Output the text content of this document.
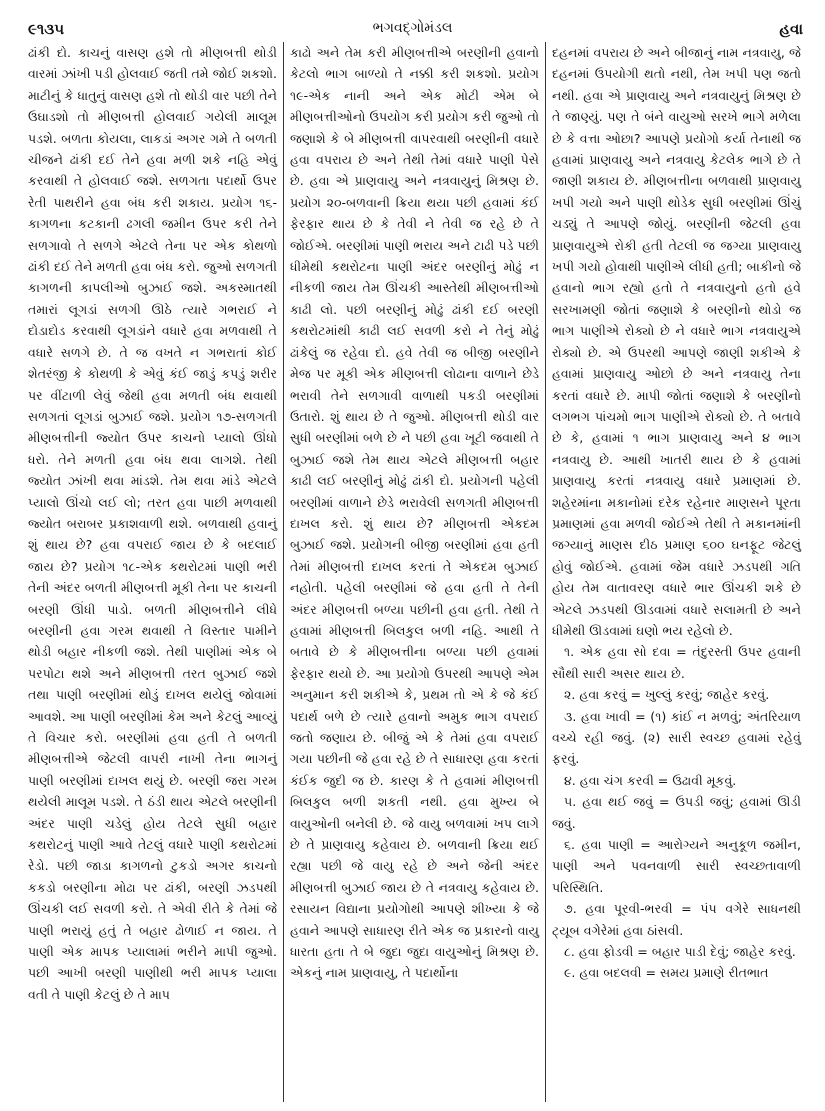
૯૧૩૫	ભગવદ્ગોમંડલ	હવા

ઢાંકી દો. કાચનું વાસણ હશે તો મીણબત્તી થોડી વારમાં ઝાંખી પડી હોલવાઈ જતી તમે જોઈ શકશો. માટીનું કે ધાતુનું વાસણ હશે તો થોડી વાર પછી તેને ઉઘાડશો તો મીણબત્તી હોલવાઈ ગયેલી માલૂમ પડશે. બળતા કોયલા, લાકડાં અગર ગમે તે બળતી ચીજને ઢાંકી દઈ તેને હવા મળી શકે નહિ એવું કરવાથી તે હોલવાઈ જશે. સળગતા પદાર્થો ઉપર રેતી પાથરીને હવા બંધ કરી શકાય. પ્રયોગ ૧૬-કાગળના કટકાની ઢગલી જમીન ઉપર કરી તેને સળગાવો તે સળગે એટલે તેના પર એક કોથળો ઢાંકી દઈ તેને મળતી હવા બંધ કરો. જુઓ સળગતી કાગળની કાપલીઓ બુઝાઈ જશે. અકસ્માતથી તમારાં લૂગડાં સળગી ઊઠે ત્યારે ગભરાઈ ને દોડાદોડ કરવાથી લૂગડાંને વધારે હવા મળવાથી તે વધારે સળગે છે. તે જ વખતે ન ગભરાતાં કોઈ શેતરંજી કે કોથળી કે એવું કંઈ જાડું કપડું શરીર પર વીંટાળી લેવું જેથી હવા મળતી બંધ થવાથી સળગતાં લૂગડાં બુઝાઈ જશે. પ્રયોગ ૧૭-સળગતી મીણબત્તીની જ્યોત ઉપર કાચનો પ્યાલો ઊંધો ધરો. તેને મળતી હવા બંધ થવા લાગશે. તેથી જ્યોત ઝાંખી થવા માંડશે. તેમ થવા માંડે એટલે પ્યાલો ઊંચો લઈ લો; તરત હવા પાછી મળવાથી જ્યોત બરાબર પ્રકાશવાળી થશે. બળવાથી હવાનું શું થાય છે? હવા વપરાઈ જાય છે કે બદલાઈ જાય છે? પ્રયોગ ૧૮-એક કથરોટમાં પાણી ભરી તેની અંદર બળતી મીણબત્તી મૂકી તેના પર કાચની બરણી ઊંધી પાડો. બળતી મીણબત્તીને લીધે બરણીની હવા ગરમ થવાથી તે વિસ્તાર પામીને થોડી બહાર નીકળી જશે. તેથી પાણીમાં એક બે પરપોટા થશે અને મીણબત્તી તરત બુઝાઈ જશે તથા પાણી બરણીમાં થોડું દાખલ થયેલું જોવામાં આવશે. આ પાણી બરણીમાં કેમ અને કેટલું આવ્યું તે વિચાર કરો. બરણીમાં હવા હતી તે બળતી મીણબત્તીએ જેટલી વાપરી નાખી તેના ભાગનું પાણી બરણીમાં દાખલ થયું છે. બરણી જરા ગરમ થયેલી માલૂમ પડશે. તે ઠંડી થાય એટલે બરણીની અંદર પાણી ચડેલું હોય તેટલે સુધી બહાર કથરોટનું પાણી આવે તેટલું વધારે પાણી કથરોટમાં રેડો. પછી જાડા કાગળનો ટુકડો અગર કાચનો કકડો બરણીના મોઢા પર ઢાંકી, બરણી ઝડપથી ઊંચકી લઈ સવળી કરો. તે એવી રીતે કે તેમાં જે પાણી ભરાયું હતું તે બહાર ઢોળાઈ ન જાય. તે પાણી એક માપક પ્યાલામાં ભરીને માપી જુઓ. પછી આખી બરણી પાણીથી ભરી માપક પ્યાલા વતી તે પાણી કેટલું છે તે માપ

કાઢો અને તેમ કરી મીણબત્તીએ બરણીની હવાનો કેટલો ભાગ બાળ્યો તે નક્કી કરી શકશો. પ્રયોગ ૧૯-એક નાની અને એક મોટી એમ બે મીણબત્તીઓનો ઉપયોગ કરી પ્રયોગ કરી જુઓ તો જણાશે કે બે મીણબત્તી વાપરવાથી બરણીની વધારે હવા વપરાય છે અને તેથી તેમાં વધારે પાણી પેસે છે. હવા એ પ્રાણવાયુ અને નત્રવાયુનું મિશ્રણ છે. પ્રયોગ ૨૦-બળવાની ક્રિયા થયા પછી હવામાં કંઈ ફેરફાર થાય છે કે તેવી ને તેવી જ રહે છે તે જોઈએ. બરણીમાં પાણી ભરાય અને ટાઢી પડે પછી ધીમેથી કથરોટના પાણી અંદર બરણીનું મોઢું ન નીકળી જાય તેમ ઊંચકી આસ્તેથી મીણબત્તીઓ કાઢી લો. પછી બરણીનું મોઢું ઢાંકી દઈ બરણી કથરોટમાંથી કાઢી લઈ સવળી કરો ને તેનું મોઢું ઢાંકેલું જ રહેવા દો. હવે તેવી જ બીજી બરણીને મેજ પર મૂકી એક મીણબત્તી લોઢાના વાળાને છેડે ભરાવી તેને સળગાવી વાળાથી પકડી બરણીમાં ઉતારો. શું થાય છે તે જુઓ. મીણબત્તી થોડી વાર સુધી બરણીમાં બળે છે ને પછી હવા ખૂટી જવાથી તે બુઝાઈ જશે તેમ થાય એટલે મીણબત્તી બહાર કાઢી લઈ બરણીનું મોઢું ઢાંકી દો. પ્રયોગની પહેલી બરણીમાં વાળાને છેડે ભરાવેલી સળગતી મીણબત્તી દાખલ કરો. શું થાય છે? મીણબત્તી એકદમ બુઝાઈ જશે. પ્રયોગની બીજી બરણીમાં હવા હતી તેમાં મીણબત્તી દાખલ કરતાં તે એકદમ બુઝાઈ નહોતી. પહેલી બરણીમાં જે હવા હતી તે તેની અંદર મીણબત્તી બળ્યા પછીની હવા હતી. તેથી તે હવામાં મીણબત્તી બિલકુલ બળી નહિ. આથી તે બતાવે છે કે મીણબત્તીના બળ્યા પછી હવામાં ફેરફાર થયો છે. આ પ્રયોગો ઉપરથી આપણે એમ અનુમાન કરી શકીએ કે, પ્રથમ તો એ કે જે કંઈ પદાર્થ બળે છે ત્યારે હવાનો અમુક ભાગ વપરાઈ જતો જણાય છે. બીજું એ કે તેમાં હવા વપરાઈ ગયા પછીની જે હવા રહે છે તે સાધારણ હવા કરતાં કંઈક જુદી જ છે. કારણ કે તે હવામાં મીણબત્તી બિલકુલ બળી શકતી નથી. હવા મુખ્ય બે વાયુઓની બનેલી છે. જે વાયુ બળવામાં ખપ લાગે છે તે પ્રાણવાયુ કહેવાય છે. બળવાની ક્રિયા થઈ રહ્યા પછી જે વાયુ રહે છે અને જેની અંદર મીણબત્તી બુઝાઈ જાય છે તે નત્રવાયુ કહેવાય છે. રસાયન વિદ્યાના પ્રયોગોથી આપણે શીખ્યા કે જે હવાને આપણે સાધારણ રીતે એક જ પ્રકારનો વાયુ ધારતા હતા તે બે જુદા જુદા વાયુઓનું મિશ્રણ છે. એકનું નામ પ્રાણવાયુ, તે પદાર્થોના

દહનમાં વપરાય છે અને બીજાનું નામ નત્રવાયુ, જે દહનમાં ઉપયોગી થતો નથી, તેમ ખપી પણ જતો નથી. હવા એ પ્રાણવાયુ અને નત્રવાયુનું મિશ્રણ છે તે જાણ્યું. પણ તે બંને વાયુઓ સરખે ભાગે મળેલા છે કે વત્તા ઓછા? આપણે પ્રયોગો કર્યા તેનાથી જ હવામાં પ્રાણવાયુ અને નત્રવાયુ કેટલેક ભાગે છે તે જાણી શકાય છે. મીણબત્તીના બળવાથી પ્રાણવાયુ ખપી ગયો અને પાણી થોડેક સુધી બરણીમાં ઊંચું ચડ્યું તે આપણે જોયું. બરણીની જેટલી હવા પ્રાણવાયુએ રોકી હતી તેટલી જ જગ્યા પ્રાણવાયુ ખપી ગયો હોવાથી પાણીએ લીધી હતી; બાકીનો જે હવાનો ભાગ રહ્યો હતો તે નત્રવાયુનો હતો હવે સરખામણી જોતાં જણાશે કે બરણીનો થોડો જ ભાગ પાણીએ રોક્યો છે ને વધારે ભાગ નત્રવાયુએ રોક્યો છે. એ ઉપરથી આપણે જાણી શકીએ કે હવામાં પ્રાણવાયુ ઓછો છે અને નત્રવાયુ તેના કરતાં વધારે છે. માપી જોતાં જણાશે કે બરણીનો લગભગ પાંચમો ભાગ પાણીએ રોક્યો છે. તે બતાવે છે કે, હવામાં ૧ ભાગ પ્રાણવાયુ અને ૪ ભાગ નત્રવાયુ છે. આથી ખાતરી થાય છે કે હવામાં પ્રાણવાયુ કરતાં નત્રવાયુ વધારે પ્રમાણમાં છે. શહેરમાંના મકાનોમાં દરેક રહેનાર માણસને પૂરતા પ્રમાણમાં હવા મળવી જોઈએ તેથી તે મકાનમાંની જગ્યાનું માણસ દીઠ પ્રમાણ ૬૦૦ ઘનફૂટ જેટલું હોવું જોઈએ. હવામાં જેમ વધારે ઝડપથી ગતિ હોય તેમ વાતાવરણ વધારે ભાર ઊંચકી શકે છે એટલે ઝડપથી ઊડવામાં વધારે સલામતી છે અને ધીમેથી ઊડવામાં ઘણો ભય રહેલો છે.

૧. એક હવા સો દવા = તંદુરસ્તી ઉપર હવાની સૌથી સારી અસર થાય છે.

૨. હવા કરવું = ખુલ્લું કરવું; જાહેર કરવું.

૩. હવા ખાવી = (૧) કાંઈ ન મળવું; અંતરિયાળ વચ્ચે રહી જવું. (૨) સારી સ્વચ્છ હવામાં રહેવું ફરવું.

૪. હવા ચંગ કરવી = ઉઢાવી મૂકવું.

૫. હવા થઈ જવું = ઉપડી જવું; હવામાં ઊડી જવું.

૬. હવા પાણી = આરોગ્યને અનુકૂળ જમીન, પાણી અને પવનવાળી સારી સ્વચ્છતાવાળી પરિસ્થિતિ.

૭. હવા પૂરવી-ભરવી = પંપ વગેરે સાધનથી ટ્યૂબ વગેરેમાં હવા ઠાંસવી.

૮. હવા ફોડવી = બહાર પાડી દેવું; જાહેર કરવું.

૯. હવા બદલવી = સમય પ્રમાણે રીતભાત
